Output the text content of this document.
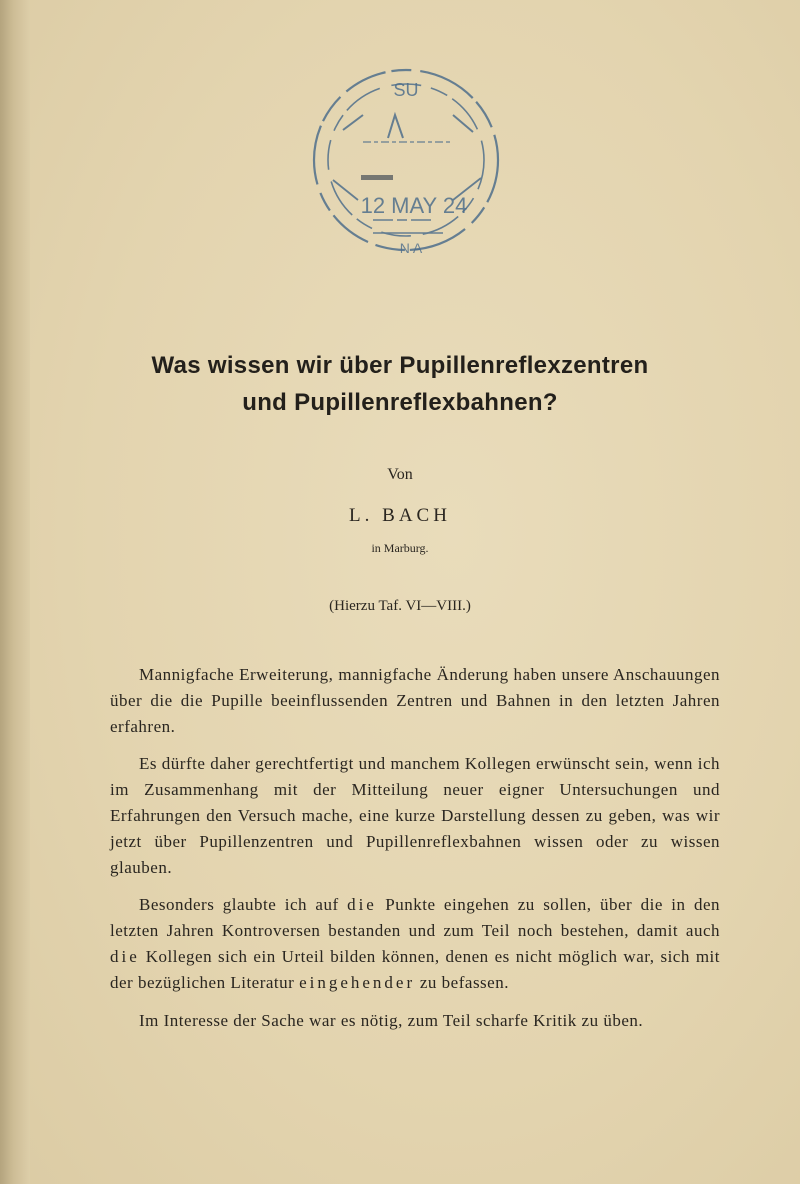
SU
12 MAY 24
N A
Was wissen wir über Pupillenreflexzentren
und Pupillenreflexbahnen?

Von

L. BACH

in Marburg.

(Hierzu Taf. VI—VIII.)

Mannigfache Erweiterung, mannigfache Änderung haben unsere Anschauungen über die die Pupille beeinflussenden Zentren und Bahnen in den letzten Jahren erfahren.

Es dürfte daher gerechtfertigt und manchem Kollegen erwünscht sein, wenn ich im Zusammenhang mit der Mitteilung neuer eigner Untersuchungen und Erfahrungen den Versuch mache, eine kurze Darstellung dessen zu geben, was wir jetzt über Pupillenzentren und Pupillenreflexbahnen wissen oder zu wissen glauben.

Besonders glaubte ich auf die Punkte eingehen zu sollen, über die in den letzten Jahren Kontroversen bestanden und zum Teil noch bestehen, damit auch die Kollegen sich ein Urteil bilden können, denen es nicht möglich war, sich mit der bezüglichen Literatur eingehender zu befassen.

Im Interesse der Sache war es nötig, zum Teil scharfe Kritik zu üben.
